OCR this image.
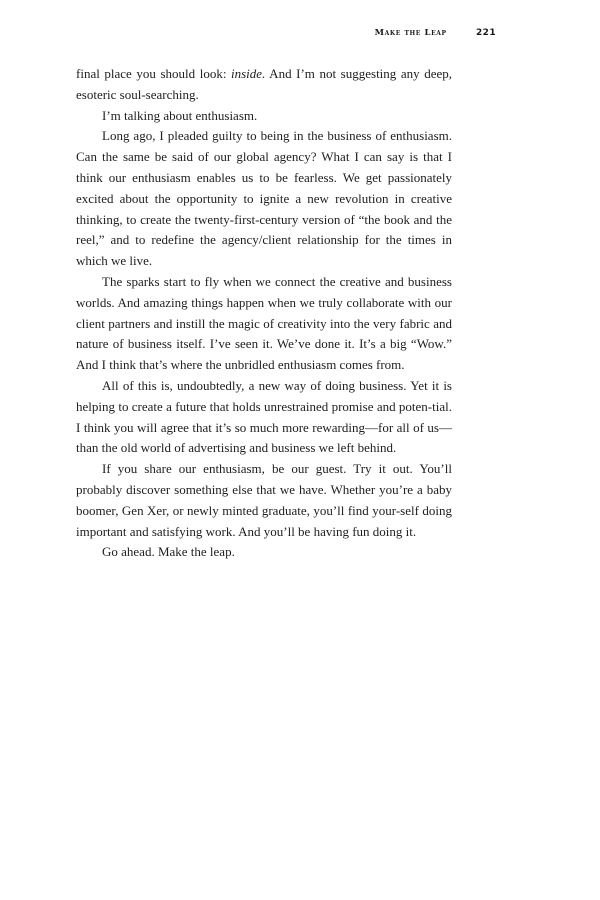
Make the Leap	221

final place you should look: inside. And I’m not suggesting any deep, esoteric soul-searching.

I’m talking about enthusiasm.

Long ago, I pleaded guilty to being in the business of enthusiasm. Can the same be said of our global agency? What I can say is that I think our enthusiasm enables us to be fearless. We get passionately excited about the opportunity to ignite a new revolution in creative thinking, to create the twenty-first-century version of “the book and the reel,” and to redefine the agency/client relationship for the times in which we live.

The sparks start to fly when we connect the creative and business worlds. And amazing things happen when we truly collaborate with our client partners and instill the magic of creativity into the very fabric and nature of business itself. I’ve seen it. We’ve done it. It’s a big “Wow.” And I think that’s where the unbridled enthusiasm comes from.

All of this is, undoubtedly, a new way of doing business. Yet it is helping to create a future that holds unrestrained promise and poten-tial. I think you will agree that it’s so much more rewarding—for all of us—than the old world of advertising and business we left behind.

If you share our enthusiasm, be our guest. Try it out. You’ll probably discover something else that we have. Whether you’re a baby boomer, Gen Xer, or newly minted graduate, you’ll find your-self doing important and satisfying work. And you’ll be having fun doing it.

Go ahead. Make the leap.
